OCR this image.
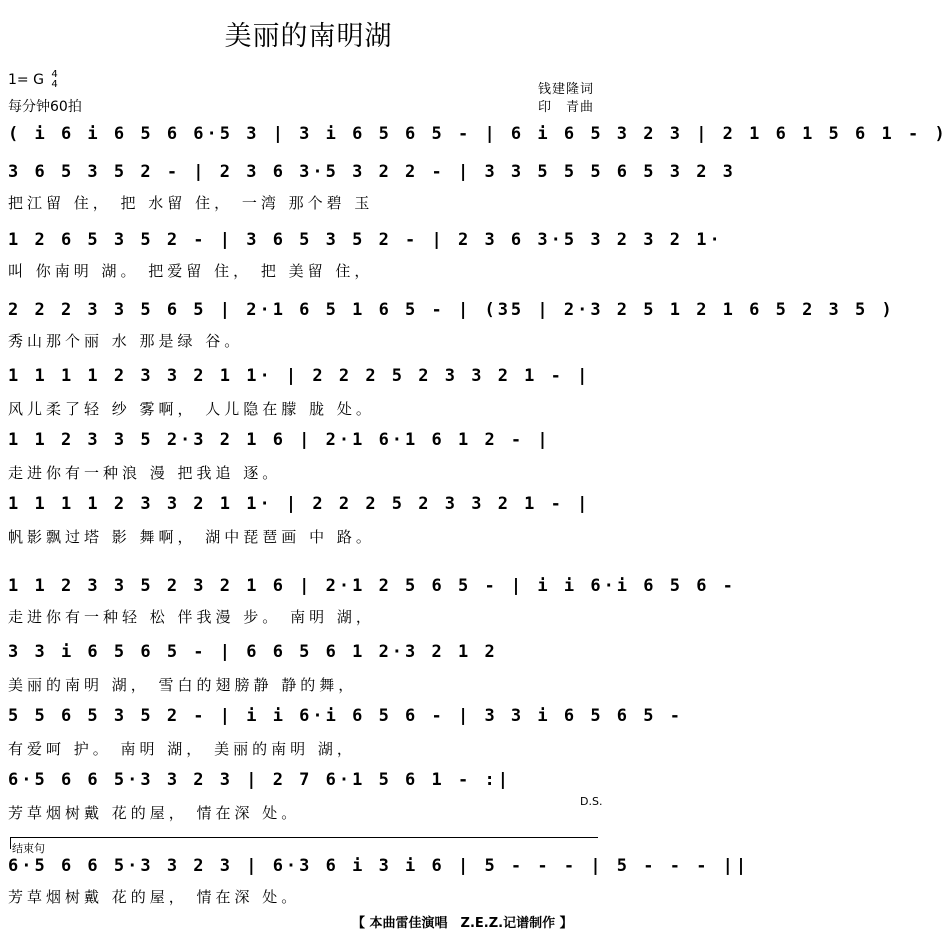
美丽的南明湖
1= G 4
4
每分钟60拍
钱建隆词
印　青曲
( i 6 i 6 5 6 6·5 3 | 3 i 6 5 6 5 - | 6 i 6 5 3 2 3 | 2 1 6 1 5 6 1 - )
3 6 5 3 5 2 - | 2 3 6 3·5 3 2 2 - | 3 3 5 5 5 6 5 3 2 3
把江留 住， 把 水留 住， 一湾 那个碧 玉
1 2 6 5 3 5 2 - | 3 6 5 3 5 2 - | 2 3 6 3·5 3 2 3 2 1·
叫 你南明 湖。 把爱留 住， 把 美留 住，
2 2 2 3 3 5 6 5 | 2·1 6 5 1 6 5 - | (35 | 2·3 2 5 1 2 1 6 5 2 3 5 )
秀山那个丽 水 那是绿 谷。
1 1 1 1 2 3 3 2 1 1· | 2 2 2 5 2 3 3 2 1 - |
风儿柔了轻 纱 雾啊， 人儿隐在朦 胧 处。
1 1 2 3 3 5 2·3 2 1 6 | 2·1 6·1 6 1 2 - |
走进你有一种浪 漫 把我追 逐。
1 1 1 1 2 3 3 2 1 1· | 2 2 2 5 2 3 3 2 1 - |
帆影飘过塔 影 舞啊， 湖中琵琶画 中 路。
1 1 2 3 3 5 2 3 2 1 6 | 2·1 2 5 6 5 - | i i 6·i 6 5 6 -
走进你有一种轻 松 伴我漫 步。 南明 湖，
3 3 i 6 5 6 5 - | 6 6 5 6 1 2·3 2 1 2
美丽的南明 湖， 雪白的翅膀静 静的舞，
5 5 6 5 3 5 2 - | i i 6·i 6 5 6 - | 3 3 i 6 5 6 5 -
有爱呵 护。 南明 湖， 美丽的南明 湖，
6·5 6 6 5·3 3 2 3 | 2 7 6·1 5 6 1 - :|
芳草烟树戴 花的屋， 情在深 处。
D.S.
结束句
6·5 6 6 5·3 3 2 3 | 6·3 6 i 3 i 6 | 5 - - - | 5 - - - ||
芳草烟树戴 花的屋， 情在深 处。
【 本曲雷佳演唱　Z.E.Z.记谱制作 】
